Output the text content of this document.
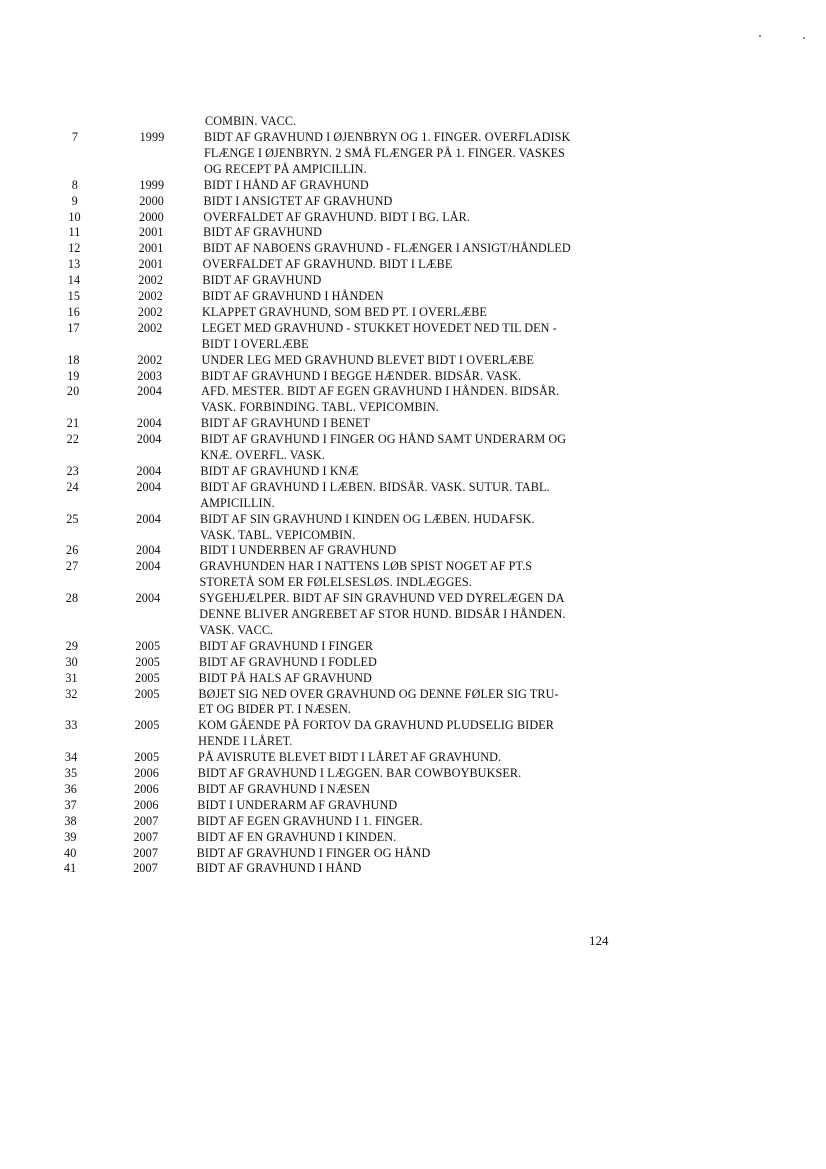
COMBIN. VACC.
7	1999	BIDT AF GRAVHUND I ØJENBRYN OG 1. FINGER. OVERFLADISK
FLÆNGE I ØJENBRYN. 2 SMÅ FLÆNGER PÅ 1. FINGER. VASKES
OG RECEPT PÅ AMPICILLIN.
8	1999	BIDT I HÅND AF GRAVHUND
9	2000	BIDT I ANSIGTET AF GRAVHUND
10	2000	OVERFALDET AF GRAVHUND. BIDT I BG. LÅR.
11	2001	BIDT AF GRAVHUND
12	2001	BIDT AF NABOENS GRAVHUND - FLÆNGER I ANSIGT/HÅNDLED
13	2001	OVERFALDET AF GRAVHUND. BIDT I LÆBE
14	2002	BIDT AF GRAVHUND
15	2002	BIDT AF GRAVHUND I HÅNDEN
16	2002	KLAPPET GRAVHUND, SOM BED PT. I OVERLÆBE
17	2002	LEGET MED GRAVHUND - STUKKET HOVEDET NED TIL DEN -
BIDT I OVERLÆBE
18	2002	UNDER LEG MED GRAVHUND BLEVET BIDT I OVERLÆBE
19	2003	BIDT AF GRAVHUND I BEGGE HÆNDER. BIDSÅR. VASK.
20	2004	AFD. MESTER. BIDT AF EGEN GRAVHUND I HÅNDEN. BIDSÅR.
VASK. FORBINDING. TABL. VEPICOMBIN.
21	2004	BIDT AF GRAVHUND I BENET
22	2004	BIDT AF GRAVHUND I FINGER OG HÅND SAMT UNDERARM OG
KNÆ. OVERFL. VASK.
23	2004	BIDT AF GRAVHUND I KNÆ
24	2004	BIDT AF GRAVHUND I LÆBEN. BIDSÅR. VASK. SUTUR. TABL.
AMPICILLIN.
25	2004	BIDT AF SIN GRAVHUND I KINDEN OG LÆBEN. HUDAFSK.
VASK. TABL. VEPICOMBIN.
26	2004	BIDT I UNDERBEN AF GRAVHUND
27	2004	GRAVHUNDEN HAR I NATTENS LØB SPIST NOGET AF PT.S
STORETÅ SOM ER FØLELSESLØS. INDLÆGGES.
28	2004	SYGEHJÆLPER. BIDT AF SIN GRAVHUND VED DYRELÆGEN DA
DENNE BLIVER ANGREBET AF STOR HUND. BIDSÅR I HÅNDEN.
VASK. VACC.
29	2005	BIDT AF GRAVHUND I FINGER
30	2005	BIDT AF GRAVHUND I FODLED
31	2005	BIDT PÅ HALS AF GRAVHUND
32	2005	BØJET SIG NED OVER GRAVHUND OG DENNE FØLER SIG TRU-
ET OG BIDER PT. I NÆSEN.
33	2005	KOM GÅENDE PÅ FORTOV DA GRAVHUND PLUDSELIG BIDER
HENDE I LÅRET.
34	2005	PÅ AVISRUTE BLEVET BIDT I LÅRET AF GRAVHUND.
35	2006	BIDT AF GRAVHUND I LÆGGEN. BAR COWBOYBUKSER.
36	2006	BIDT AF GRAVHUND I NÆSEN
37	2006	BIDT I UNDERARM AF GRAVHUND
38	2007	BIDT AF EGEN GRAVHUND I 1. FINGER.
39	2007	BIDT AF EN GRAVHUND I KINDEN.
40	2007	BIDT AF GRAVHUND I FINGER OG HÅND
41	2007	BIDT AF GRAVHUND I HÅND
124
